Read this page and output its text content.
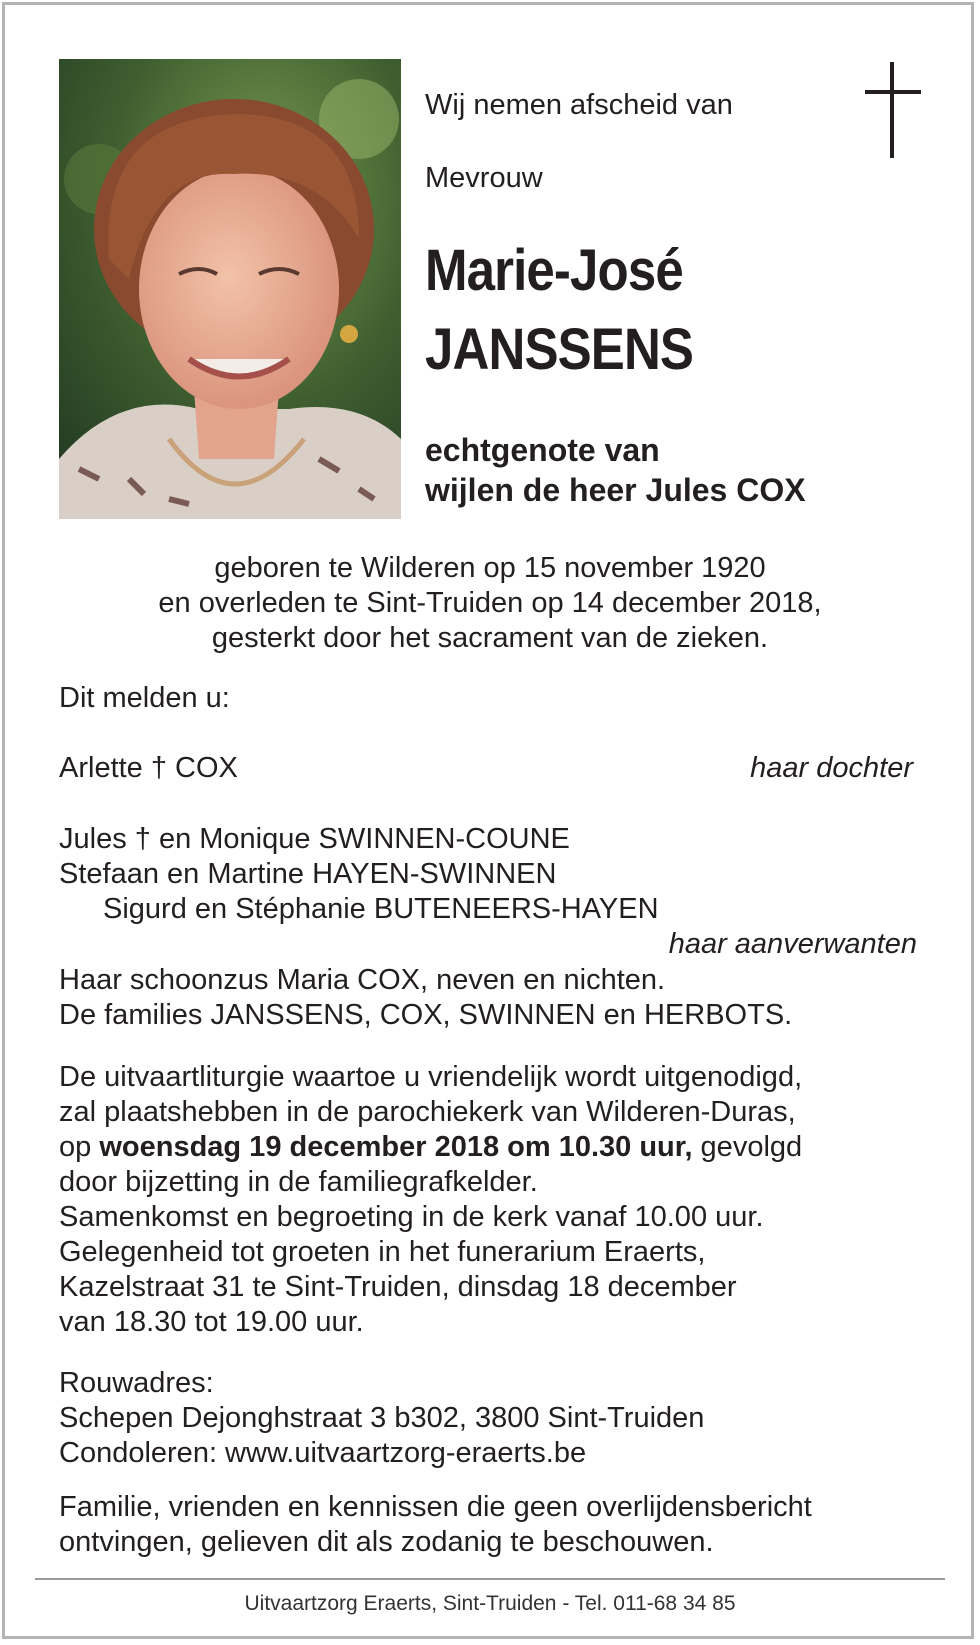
Wij nemen afscheid van
Mevrouw
Marie-José
JANSSENS
echtgenote van
wijlen de heer Jules COX
geboren te Wilderen op 15 november 1920
en overleden te Sint-Truiden op 14 december 2018,
gesterkt door het sacrament van de zieken.
Dit melden u:
Arlette † COX	haar dochter
Jules † en Monique SWINNEN-COUNE
Stefaan en Martine HAYEN-SWINNEN
Sigurd en Stéphanie BUTENEERS-HAYEN
haar aanverwanten
Haar schoonzus Maria COX, neven en nichten.
De families JANSSENS, COX, SWINNEN en HERBOTS.
De uitvaartliturgie waartoe u vriendelijk wordt uitgenodigd,
zal plaatshebben in de parochiekerk van Wilderen-Duras,
op woensdag 19 december 2018 om 10.30 uur, gevolgd
door bijzetting in de familiegrafkelder.
Samenkomst en begroeting in de kerk vanaf 10.00 uur.
Gelegenheid tot groeten in het funerarium Eraerts,
Kazelstraat 31 te Sint-Truiden, dinsdag 18 december
van 18.30 tot 19.00 uur.
Rouwadres:
Schepen Dejonghstraat 3 b302, 3800 Sint-Truiden
Condoleren: www.uitvaartzorg-eraerts.be
Familie, vrienden en kennissen die geen overlijdensbericht
ontvingen, gelieven dit als zodanig te beschouwen.
Uitvaartzorg Eraerts, Sint-Truiden - Tel. 011-68 34 85
